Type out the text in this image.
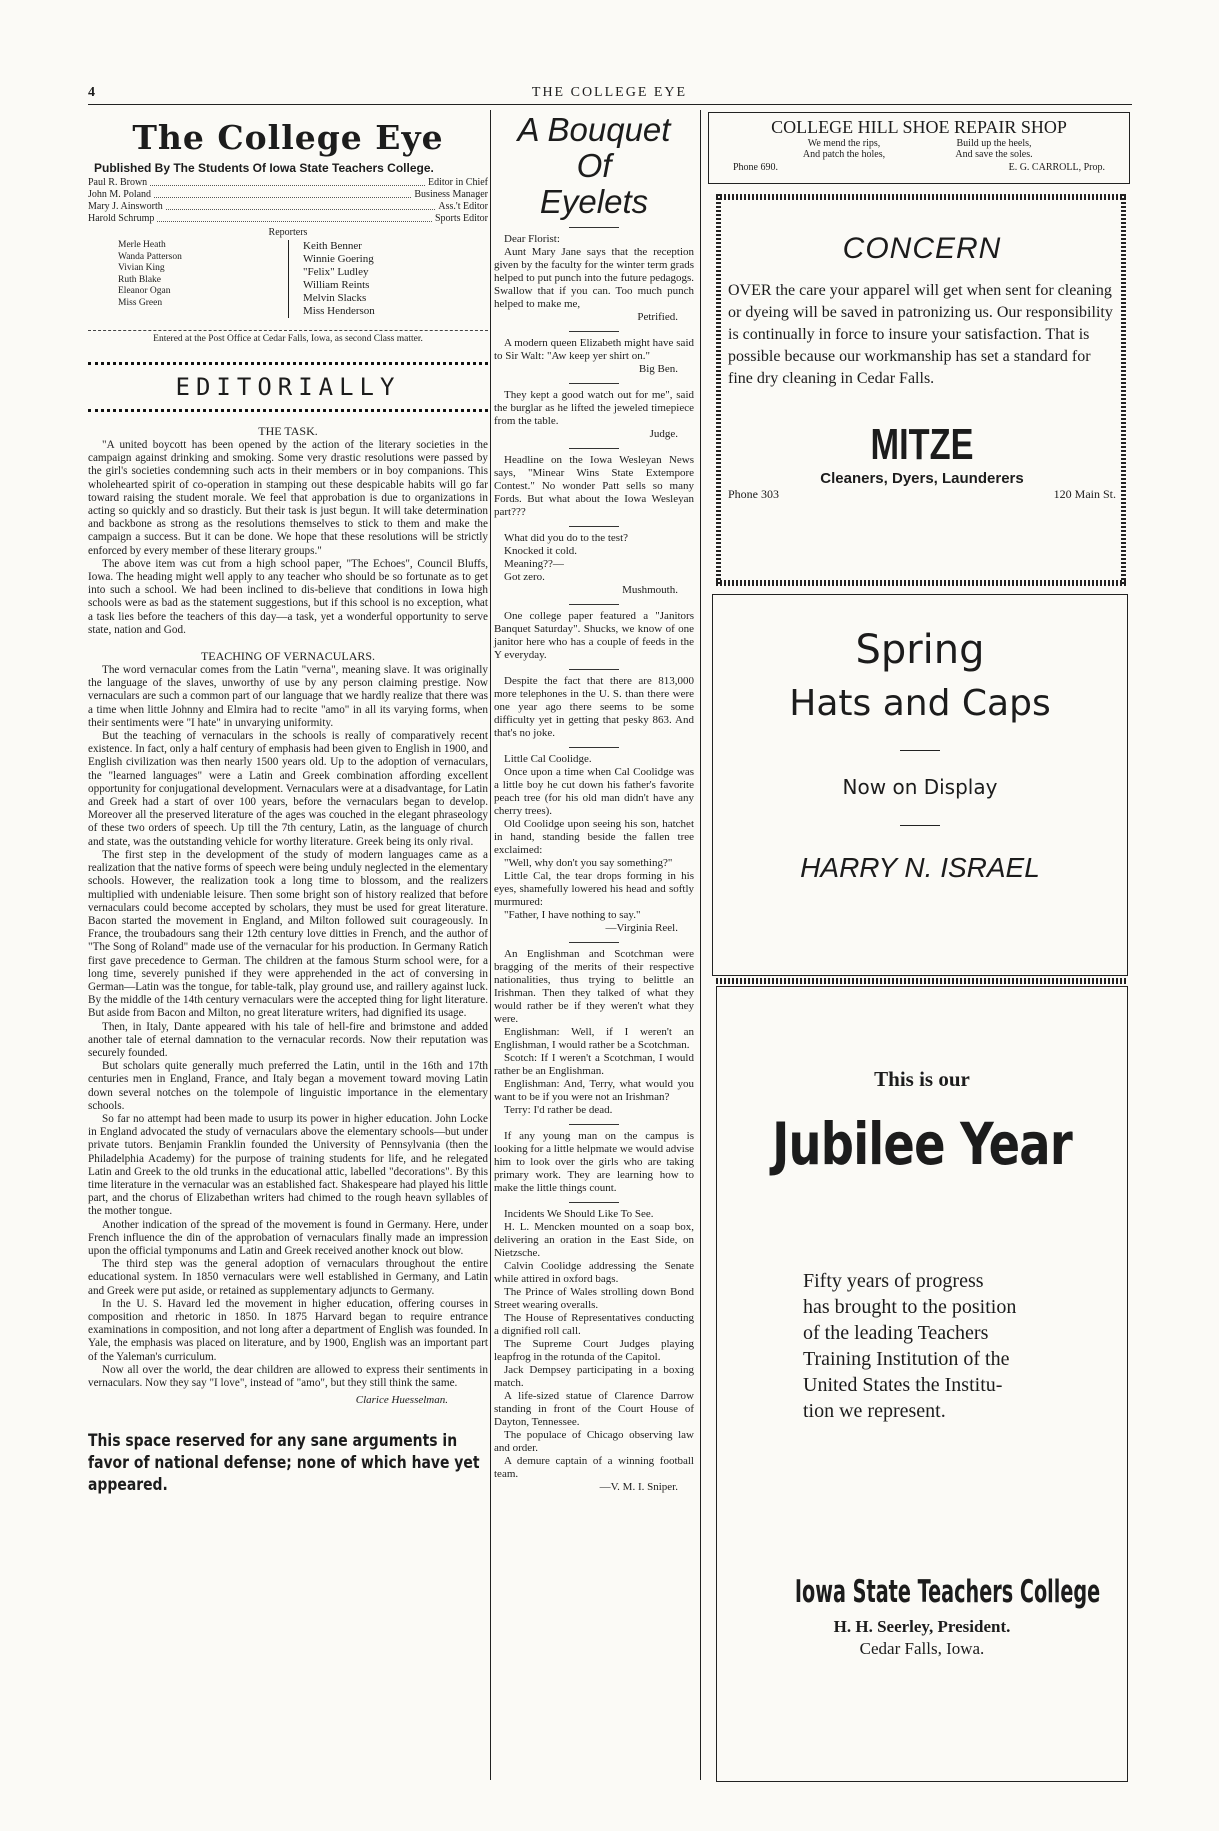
4	THE COLLEGE EYE
The College Eye
Published By The Students Of Iowa State Teachers College.
Paul R. Brown	Editor in Chief
John M. Poland	Business Manager
Mary J. Ainsworth	Ass.'t Editor
Harold Schrump	Sports Editor
Reporters
Merle Heath
Wanda Patterson
Vivian King
Ruth Blake
Eleanor Ogan
Miss Green
Keith Benner
Winnie Goering
"Felix" Ludley
William Reints
Melvin Slacks
Miss Henderson
Entered at the Post Office at Cedar Falls, Iowa, as second Class matter.
EDITORIALLY
THE TASK.

"A united boycott has been opened by the action of the literary societies in the campaign against drinking and smoking. Some very drastic resolutions were passed by the girl's societies condemning such acts in their members or in boy companions. This wholehearted spirit of co-operation in stamping out these despicable habits will go far toward raising the student morale. We feel that approbation is due to organizations in acting so quickly and so drasticly. But their task is just begun. It will take determination and backbone as strong as the resolutions themselves to stick to them and make the campaign a success. But it can be done. We hope that these resolutions will be strictly enforced by every member of these literary groups."

The above item was cut from a high school paper, "The Echoes", Council Bluffs, Iowa. The heading might well apply to any teacher who should be so fortunate as to get into such a school. We had been inclined to dis-believe that conditions in Iowa high schools were as bad as the statement suggestions, but if this school is no exception, what a task lies before the teachers of this day—a task, yet a wonderful opportunity to serve state, nation and God.

TEACHING OF VERNACULARS.

The word vernacular comes from the Latin "verna", meaning slave. It was originally the language of the slaves, unworthy of use by any person claiming prestige. Now vernaculars are such a common part of our language that we hardly realize that there was a time when little Johnny and Elmira had to recite "amo" in all its varying forms, when their sentiments were "I hate" in unvarying uniformity.

But the teaching of vernaculars in the schools is really of comparatively recent existence. In fact, only a half century of emphasis had been given to English in 1900, and English civilization was then nearly 1500 years old. Up to the adoption of vernaculars, the "learned languages" were a Latin and Greek combination affording excellent opportunity for conjugational development. Vernaculars were at a disadvantage, for Latin and Greek had a start of over 100 years, before the vernaculars began to develop. Moreover all the preserved literature of the ages was couched in the elegant phraseology of these two orders of speech. Up till the 7th century, Latin, as the language of church and state, was the outstanding vehicle for worthy literature. Greek being its only rival.

The first step in the development of the study of modern languages came as a realization that the native forms of speech were being unduly neglected in the elementary schools. However, the realization took a long time to blossom, and the realizers multiplied with undeniable leisure. Then some bright son of history realized that before vernaculars could become accepted by scholars, they must be used for great literature. Bacon started the movement in England, and Milton followed suit courageously. In France, the troubadours sang their 12th century love ditties in French, and the author of "The Song of Roland" made use of the vernacular for his production. In Germany Ratich first gave precedence to German. The children at the famous Sturm school were, for a long time, severely punished if they were apprehended in the act of conversing in German—Latin was the tongue, for table-talk, play ground use, and raillery against luck. By the middle of the 14th century vernaculars were the accepted thing for light literature. But aside from Bacon and Milton, no great literature writers, had dignified its usage.

Then, in Italy, Dante appeared with his tale of hell-fire and brimstone and added another tale of eternal damnation to the vernacular records. Now their reputation was securely founded.

But scholars quite generally much preferred the Latin, until in the 16th and 17th centuries men in England, France, and Italy began a movement toward moving Latin down several notches on the tolempole of linguistic importance in the elementary schools.

So far no attempt had been made to usurp its power in higher education. John Locke in England advocated the study of vernaculars above the elementary schools—but under private tutors. Benjamin Franklin founded the University of Pennsylvania (then the Philadelphia Academy) for the purpose of training students for life, and he relegated Latin and Greek to the old trunks in the educational attic, labelled "decorations". By this time literature in the vernacular was an established fact. Shakespeare had played his little part, and the chorus of Elizabethan writers had chimed to the rough heavn syllables of the mother tongue.

Another indication of the spread of the movement is found in Germany. Here, under French influence the din of the approbation of vernaculars finally made an impression upon the official tymponums and Latin and Greek received another knock out blow.

The third step was the general adoption of vernaculars throughout the entire educational system. In 1850 vernaculars were well established in Germany, and Latin and Greek were put aside, or retained as supplementary adjuncts to Germany.

In the U. S. Havard led the movement in higher education, offering courses in composition and rhetoric in 1850. In 1875 Harvard began to require entrance examinations in composition, and not long after a department of English was founded. In Yale, the emphasis was placed on literature, and by 1900, English was an important part of the Yaleman's curriculum.

Now all over the world, the dear children are allowed to express their sentiments in vernaculars. Now they say "I love", instead of "amo", but they still think the same.

Clarice Huesselman.
This space reserved for any sane arguments in favor of national defense; none of which have yet appeared.
A Bouquet
Of
Eyelets

Dear Florist:

Aunt Mary Jane says that the reception given by the faculty for the winter term grads helped to put punch into the future pedagogs. Swallow that if you can. Too much punch helped to make me,

Petrified.

A modern queen Elizabeth might have said to Sir Walt: "Aw keep yer shirt on."

Big Ben.

They kept a good watch out for me", said the burglar as he lifted the jeweled timepiece from the table.

Judge.

Headline on the Iowa Wesleyan News says, "Minear Wins State Extempore Contest." No wonder Patt sells so many Fords. But what about the Iowa Wesleyan part???

What did you do to the test?

Knocked it cold.

Meaning??—

Got zero.

Mushmouth.

One college paper featured a "Janitors Banquet Saturday". Shucks, we know of one janitor here who has a couple of feeds in the Y everyday.

Despite the fact that there are 813,000 more telephones in the U. S. than there were one year ago there seems to be some difficulty yet in getting that pesky 863. And that's no joke.

Little Cal Coolidge.

Once upon a time when Cal Coolidge was a little boy he cut down his father's favorite peach tree (for his old man didn't have any cherry trees).

Old Coolidge upon seeing his son, hatchet in hand, standing beside the fallen tree exclaimed:

"Well, why don't you say something?"

Little Cal, the tear drops forming in his eyes, shamefully lowered his head and softly murmured:

"Father, I have nothing to say."

—Virginia Reel.

An Englishman and Scotchman were bragging of the merits of their respective nationalities, thus trying to belittle an Irishman. Then they talked of what they would rather be if they weren't what they were.

Englishman: Well, if I weren't an Englishman, I would rather be a Scotchman.

Scotch: If I weren't a Scotchman, I would rather be an Englishman.

Englishman: And, Terry, what would you want to be if you were not an Irishman?

Terry: I'd rather be dead.

If any young man on the campus is looking for a little helpmate we would advise him to look over the girls who are taking primary work. They are learning how to make the little things count.

Incidents We Should Like To See.

H. L. Mencken mounted on a soap box, delivering an oration in the East Side, on Nietzsche.

Calvin Coolidge addressing the Senate while attired in oxford bags.

The Prince of Wales strolling down Bond Street wearing overalls.

The House of Representatives conducting a dignified roll call.

The Supreme Court Judges playing leapfrog in the rotunda of the Capitol.

Jack Dempsey participating in a boxing match.

A life-sized statue of Clarence Darrow standing in front of the Court House of Dayton, Tennessee.

The populace of Chicago observing law and order.

A demure captain of a winning football team.

—V. M. I. Sniper.

COLLEGE HILL SHOE REPAIR SHOP
We mend the rips,
And patch the holes,
Build up the heels,
And save the soles.
Phone 690.	E. G. CARROLL, Prop.
CONCERN
OVER the care your apparel will get when sent for cleaning or dyeing will be saved in patronizing us. Our responsibility is continually in force to insure your satisfaction. That is possible because our workmanship has set a standard for fine dry cleaning in Cedar Falls.
MITZE
Cleaners, Dyers, Launderers
Phone 303	120 Main St.
Spring
Hats and Caps
Now on Display
HARRY N. ISRAEL
This is our
Jubilee Year
Fifty years of progress
has brought to the position
of the leading Teachers
Training Institution of the
United States the Institu-
tion we represent.
Iowa State Teachers College
H. H. Seerley, President.
Cedar Falls, Iowa.
